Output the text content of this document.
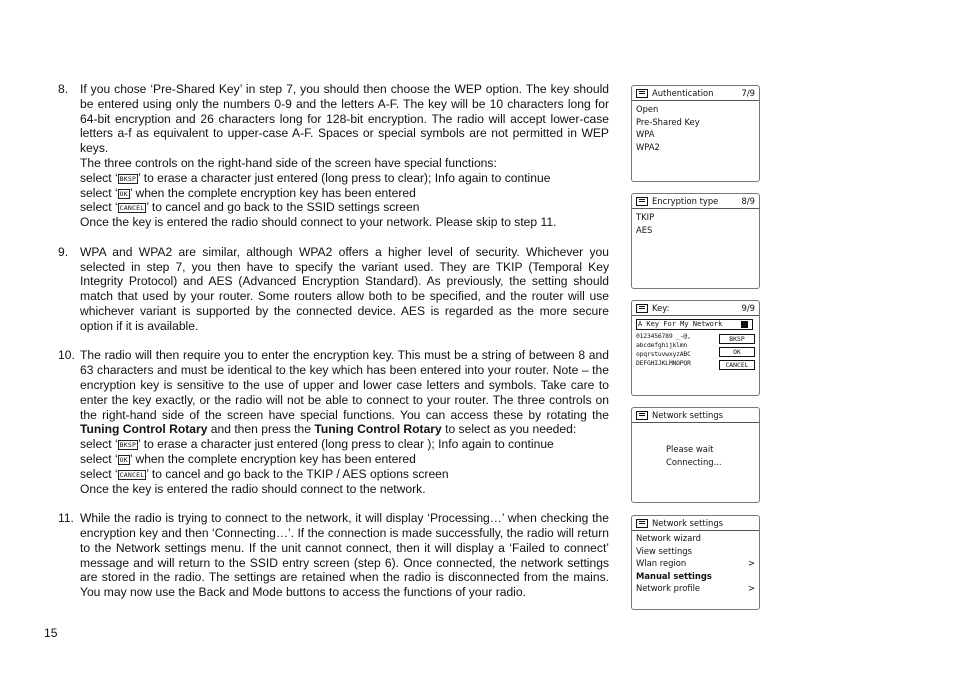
8. If you chose ‘Pre-Shared Key’ in step 7, you should then choose the WEP option. The key should be entered using only the numbers 0-9 and the letters A-F. The key will be 10 characters long for 64-bit encryption and 26 characters long for 128-bit encryption. The radio will accept lower-case letters a-f as equivalent to upper-case A-F. Spaces or special symbols are not permitted in WEP keys.

The three controls on the right-hand side of the screen have special functions:
select ‘ BKSP ’ to erase a character just entered (long press to clear); Info again to continue
select ‘ OK ’ when the complete encryption key has been entered
select ‘ CANCEL ’ to cancel and go back to the SSID settings screen
Once the key is entered the radio should connect to your network. Please skip to step 11.
9. WPA and WPA2 are similar, although WPA2 offers a higher level of security. Whichever you selected in step 7, you then have to specify the variant used. They are TKIP (Temporal Key Integrity Protocol) and AES (Advanced Encryption Standard). As previously, the setting should match that used by your router. Some routers allow both to be specified, and the router will use whichever variant is supported by the connected device. AES is regarded as the more secure option if it is available.

10. The radio will then require you to enter the encryption key. This must be a string of between 8 and 63 characters and must be identical to the key which has been entered into your router. Note – the encryption key is sensitive to the use of upper and lower case letters and symbols. Take care to enter the key exactly, or the radio will not be able to connect to your router. The three controls on the right-hand side of the screen have special functions. You can access these by rotating the Tuning Control Rotary and then press the Tuning Control Rotary to select as you needed:

select ‘ BKSP ’ to erase a character just entered (long press to clear ); Info again to continue
select ‘ OK ’ when the complete encryption key has been entered
select ‘ CANCEL ’ to cancel and go back to the TKIP / AES options screen
Once the key is entered the radio should connect to the network.
11. While the radio is trying to connect to the network, it will display ‘Processing…’ when checking the encryption key and then ‘Connecting…’. If the connection is made successfully, the radio will return to the Network settings menu. If the unit cannot connect, then it will display a ‘Failed to connect’ message and will return to the SSID entry screen (step 6). Once connected, the network settings are stored in the radio. The settings are retained when the radio is disconnected from the mains. You may now use the Back and Mode buttons to access the functions of your radio.

15
Authentication	7/9
Open
Pre-Shared Key
WPA
WPA2
Encryption type	8/9
TKIP
AES
Key:	9/9
A Key For My Network
0123456789 _-@,
abcdefghijklmn
opqrstuvwxyzABC
DEFGHIJKLMNOPQR
BKSP
OK
CANCEL
Network settings
Please wait
Connecting...
Network settings
Network wizard
View settings
Wlan region	>
Manual settings
Network profile	>
